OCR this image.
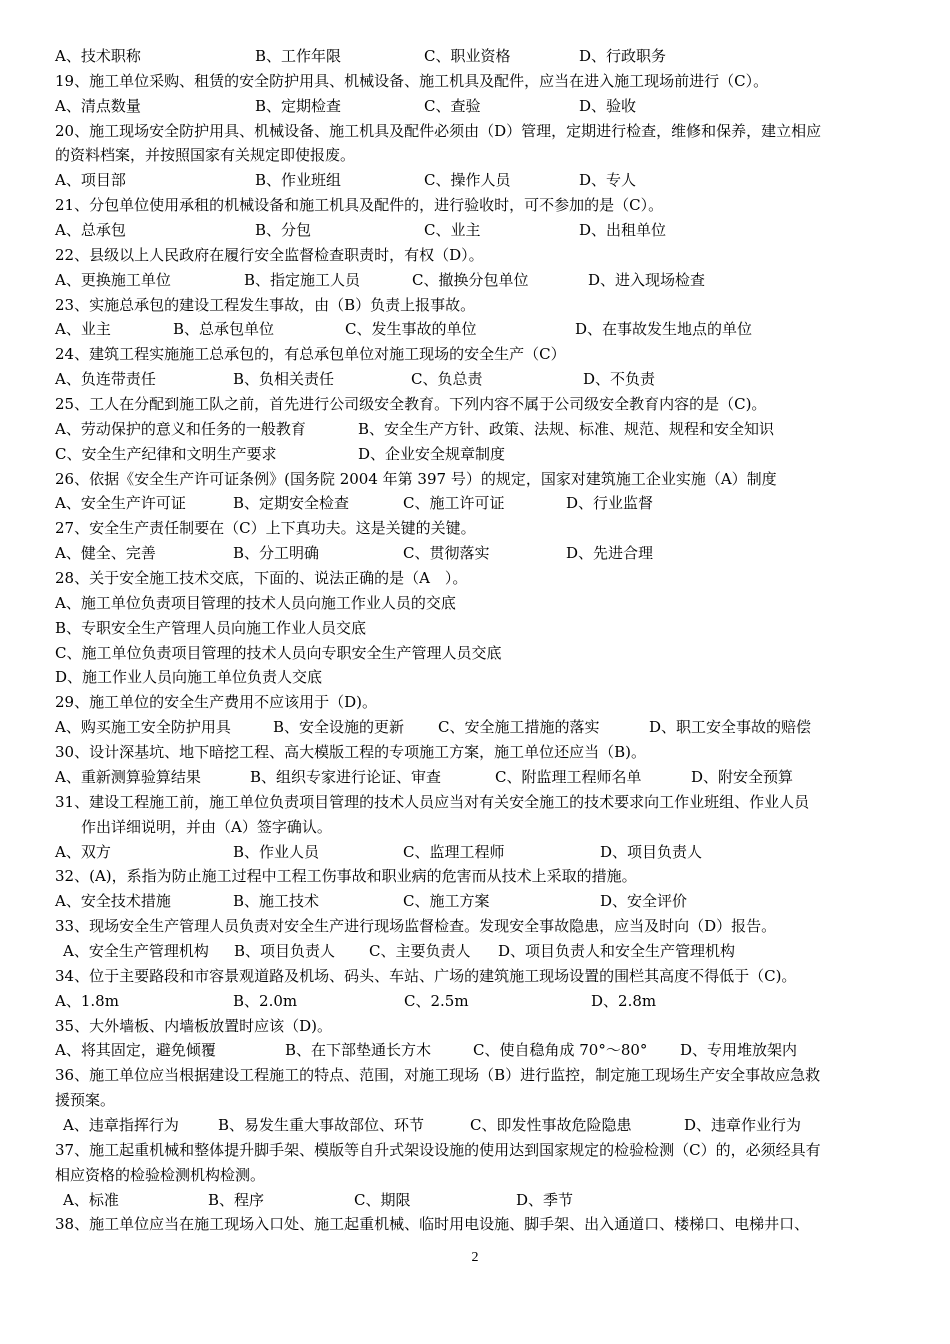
A、技术职称	B、工作年限	C、职业资格	D、行政职务
19、施工单位采购、租赁的安全防护用具、机械设备、施工机具及配件，应当在进入施工现场前进行（C）。
A、清点数量	B、定期检查	C、查验	D、验收
20、施工现场安全防护用具、机械设备、施工机具及配件必须由（D）管理，定期进行检查，维修和保养，建立相应
的资料档案，并按照国家有关规定即使报废。
A、项目部	B、作业班组	C、操作人员	D、专人
21、分包单位使用承租的机械设备和施工机具及配件的，进行验收时，可不参加的是（C）。
A、总承包	B、分包	C、业主	D、出租单位
22、县级以上人民政府在履行安全监督检查职责时，有权（D）。
A、更换施工单位	B、指定施工人员	C、撤换分包单位	D、进入现场检查
23、实施总承包的建设工程发生事故，由（B）负责上报事故。
A、业主	B、总承包单位	C、发生事故的单位	D、在事故发生地点的单位
24、建筑工程实施施工总承包的，有总承包单位对施工现场的安全生产（C）
A、负连带责任	B、负相关责任	C、负总责	D、不负责
25、工人在分配到施工队之前，首先进行公司级安全教育。下列内容不属于公司级安全教育内容的是（C)。
A、劳动保护的意义和任务的一般教育	B、安全生产方针、政策、法规、标准、规范、规程和安全知识
C、安全生产纪律和文明生产要求	D、企业安全规章制度
26、依据《安全生产许可证条例》(国务院 2004 年第 397 号）的规定，国家对建筑施工企业实施（A）制度
A、安全生产许可证	B、定期安全检查	C、施工许可证	D、行业监督
27、安全生产责任制要在（C）上下真功夫。这是关键的关键。
A、健全、完善	B、分工明确	C、贯彻落实	D、先进合理
28、关于安全施工技术交底，下面的、说法正确的是（A　）。
A、施工单位负责项目管理的技术人员向施工作业人员的交底
B、专职安全生产管理人员向施工作业人员交底
C、施工单位负责项目管理的技术人员向专职安全生产管理人员交底
D、施工作业人员向施工单位负责人交底
29、施工单位的安全生产费用不应该用于（D)。
A、购买施工安全防护用具	B、安全设施的更新 C、安全施工措施的落实	D、职工安全事故的赔偿
30、设计深基坑、地下暗挖工程、高大模版工程的专项施工方案，施工单位还应当（B)。
A、重新测算验算结果	B、组织专家进行论证、审查	C、附监理工程师名单	D、附安全预算
31、建设工程施工前，施工单位负责项目管理的技术人员应当对有关安全施工的技术要求向工作业班组、作业人员
作出详细说明，并由（A）签字确认。
A、双方	B、作业人员	C、监理工程师	D、项目负责人
32、(A)，系指为防止施工过程中工程工伤事故和职业病的危害而从技术上采取的措施。
A、安全技术措施	B、施工技术	C、施工方案	D、安全评价
33、现场安全生产管理人员负责对安全生产进行现场监督检查。发现安全事故隐患，应当及时向（D）报告。
A、安全生产管理机构 B、项目负责人 C、主要负责人 D、项目负责人和安全生产管理机构
34、位于主要路段和市容景观道路及机场、码头、车站、广场的建筑施工现场设置的围栏其高度不得低于（C)。
A、1.8m	B、2.0m	C、2.5m	D、2.8m
35、大外墙板、内墙板放置时应该（D)。
A、将其固定，避免倾覆	B、在下部垫通长方木	C、使自稳角成 70°～80° D、专用堆放架内
36、施工单位应当根据建设工程施工的特点、范围，对施工现场（B）进行监控，制定施工现场生产安全事故应急救
援预案。
A、违章指挥行为	B、易发生重大事故部位、环节	C、即发性事故危险隐患	D、违章作业行为
37、施工起重机械和整体提升脚手架、模版等自升式架设设施的使用达到国家规定的检验检测（C）的，必须经具有
相应资格的检验检测机构检测。
A、标准	B、程序	C、期限	D、季节
38、施工单位应当在施工现场入口处、施工起重机械、临时用电设施、脚手架、出入通道口、楼梯口、电梯井口、
2
